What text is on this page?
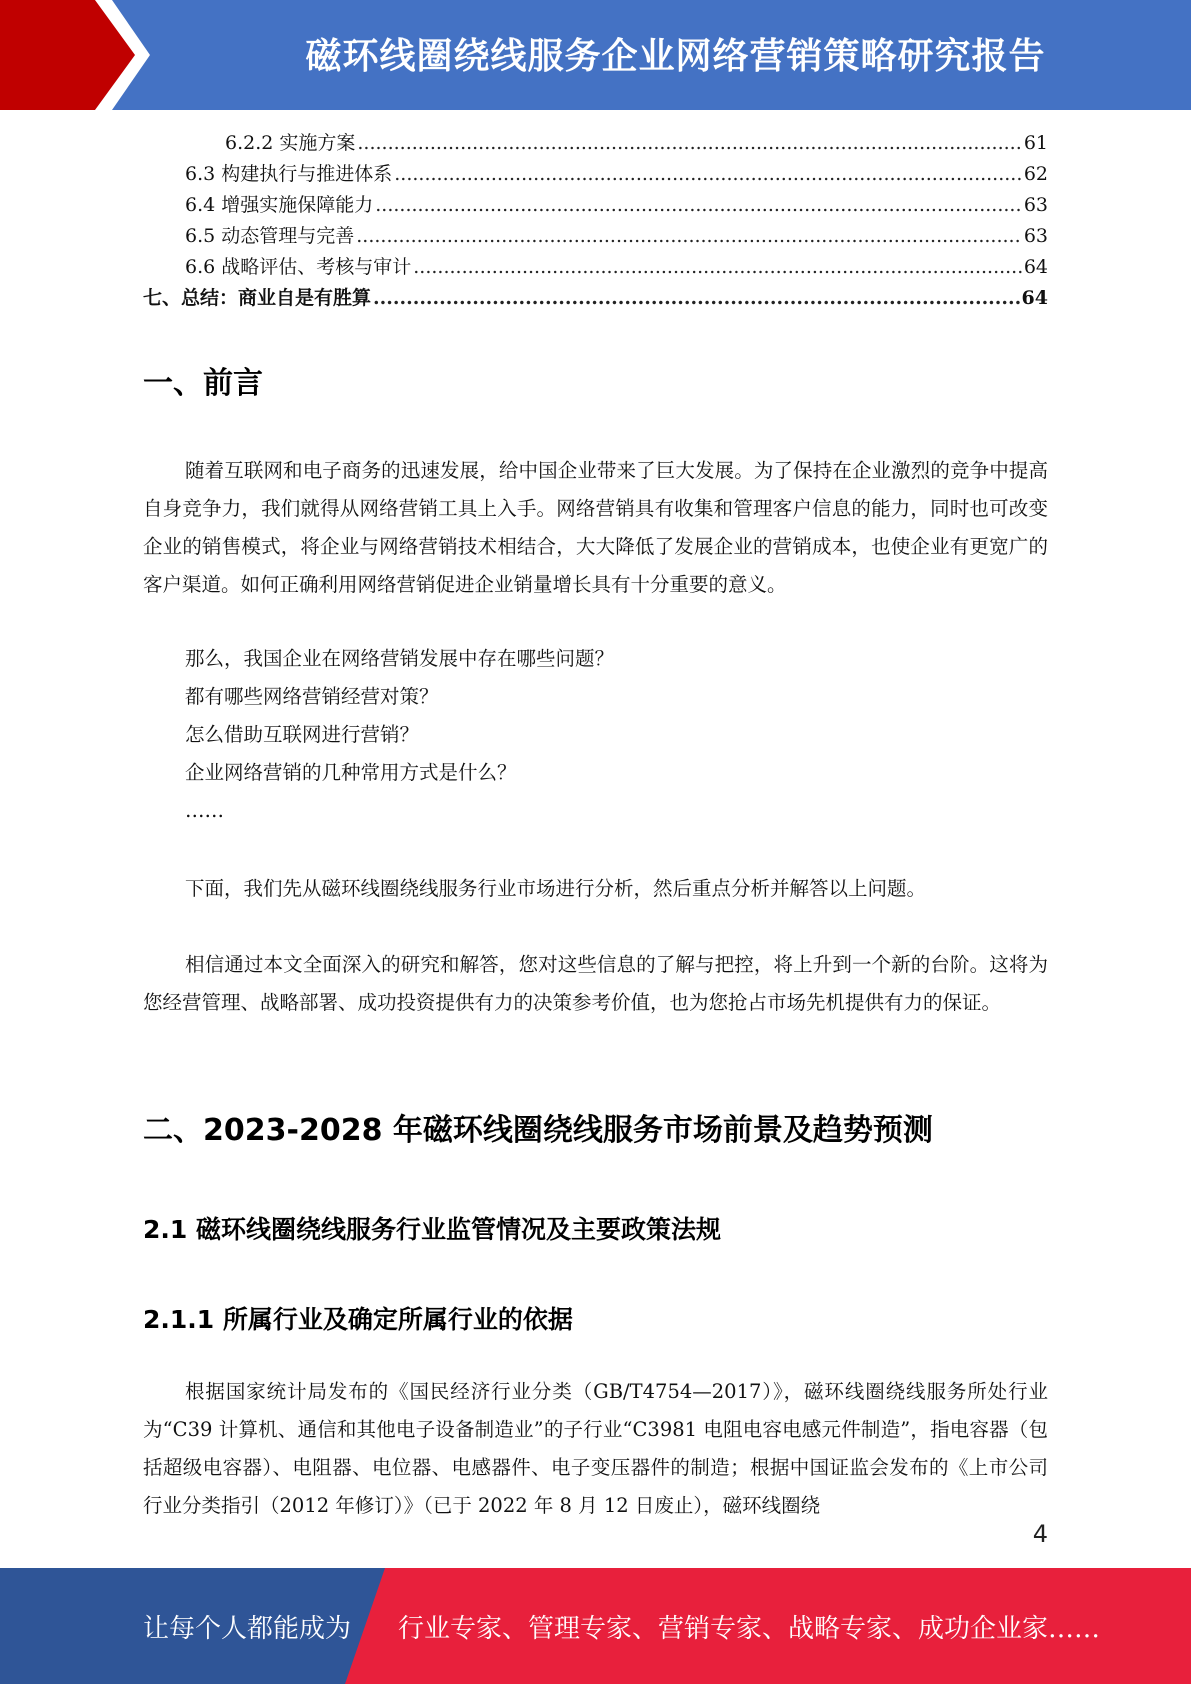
磁环线圈绕线服务企业网络营销策略研究报告
6.2.2 实施方案 .....	61
6.3 构建执行与推进体系 .....	62
6.4 增强实施保障能力 .....	63
6.5 动态管理与完善 .....	63
6.6 战略评估、考核与审计 .....	64
七、总结：商业自是有胜算 .....	64
一、前言
随着互联网和电子商务的迅速发展，给中国企业带来了巨大发展。为了保持在企业激烈的竞争中提高自身竞争力，我们就得从网络营销工具上入手。网络营销具有收集和管理客户信息的能力，同时也可改变企业的销售模式，将企业与网络营销技术相结合，大大降低了发展企业的营销成本，也使企业有更宽广的客户渠道。如何正确利用网络营销促进企业销量增长具有十分重要的意义。
那么，我国企业在网络营销发展中存在哪些问题？
都有哪些网络营销经营对策？
怎么借助互联网进行营销？
企业网络营销的几种常用方式是什么？
……
下面，我们先从磁环线圈绕线服务行业市场进行分析，然后重点分析并解答以上问题。
相信通过本文全面深入的研究和解答，您对这些信息的了解与把控，将上升到一个新的台阶。这将为您经营管理、战略部署、成功投资提供有力的决策参考价值，也为您抢占市场先机提供有力的保证。
二、2023-2028 年磁环线圈绕线服务市场前景及趋势预测
2.1 磁环线圈绕线服务行业监管情况及主要政策法规
2.1.1 所属行业及确定所属行业的依据
根据国家统计局发布的《国民经济行业分类（GB/T4754—2017）》，磁环线圈绕线服务所处行业为“C39 计算机、通信和其他电子设备制造业”的子行业“C3981 电阻电容电感元件制造”，指电容器（包括超级电容器）、电阻器、电位器、电感器件、电子变压器件的制造；根据中国证监会发布的《上市公司行业分类指引（2012 年修订）》（已于 2022 年 8 月 12 日废止），磁环线圈绕
4
让每个人都能成为 行业专家、管理专家、营销专家、战略专家、成功企业家……
